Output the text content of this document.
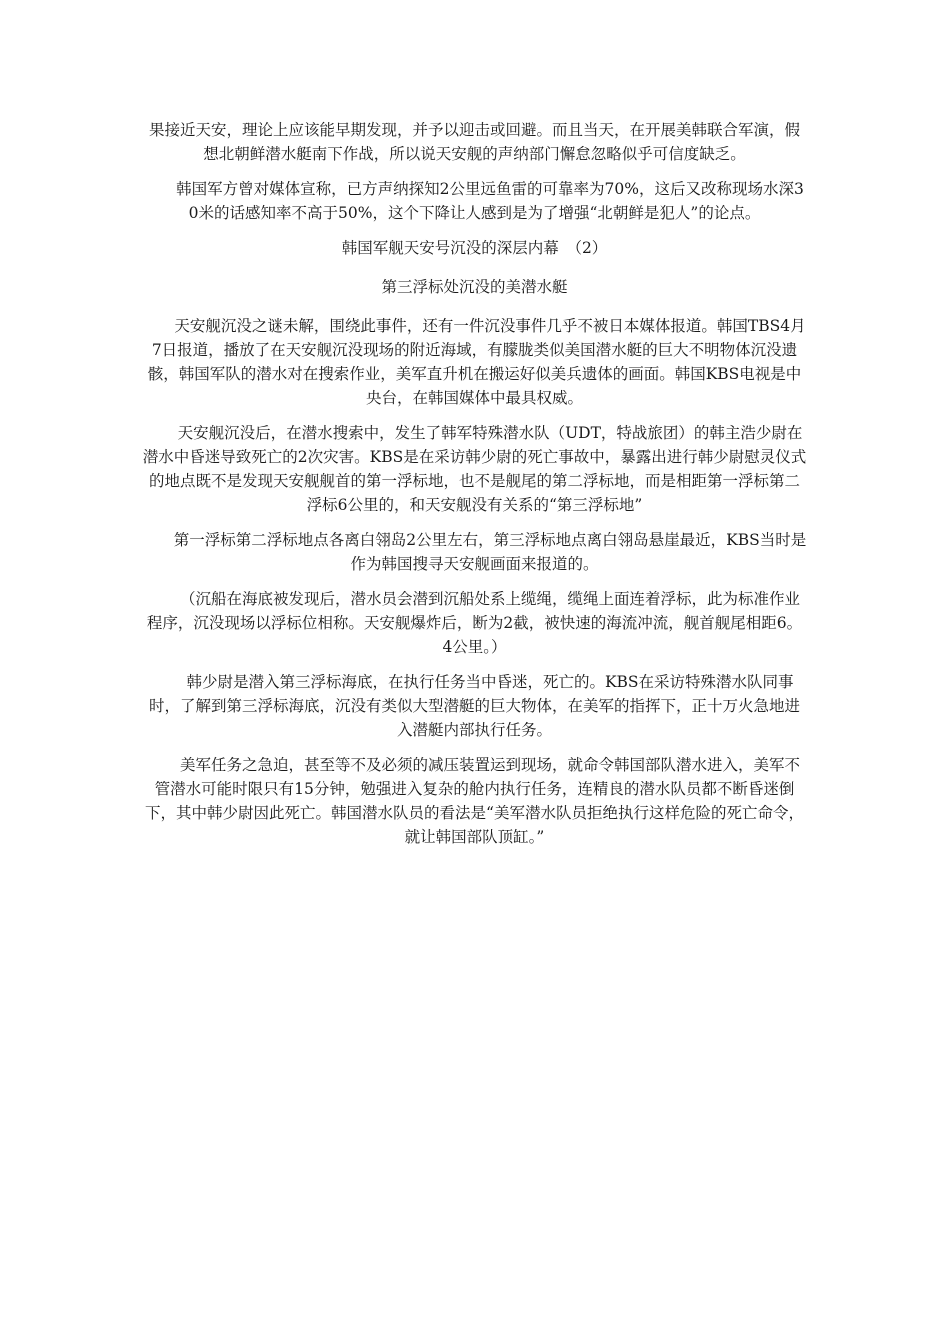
果接近天安，理论上应该能早期发现，并予以迎击或回避。而且当天，在开展美韩联合军演，假想北朝鲜潜水艇南下作战，所以说天安舰的声纳部门懈怠忽略似乎可信度缺乏。

韩国军方曾对媒体宣称，已方声纳探知2公里远鱼雷的可靠率为70%，这后又改称现场水深30米的话感知率不高于50%，这个下降让人感到是为了增强“北朝鲜是犯人”的论点。

韩国军舰天安号沉没的深层内幕　（2）

第三浮标处沉没的美潜水艇

天安舰沉没之谜未解，围绕此事件，还有一件沉没事件几乎不被日本媒体报道。韩国TBS4月7日报道，播放了在天安舰沉没现场的附近海域，有朦胧类似美国潜水艇的巨大不明物体沉没遗骸，韩国军队的潜水对在搜索作业，美军直升机在搬运好似美兵遗体的画面。韩国KBS电视是中央台，在韩国媒体中最具权威。

天安舰沉没后，在潜水搜索中，发生了韩军特殊潜水队（UDT，特战旅团）的韩主浩少尉在潜水中昏迷导致死亡的2次灾害。KBS是在采访韩少尉的死亡事故中，暴露出进行韩少尉慰灵仪式的地点既不是发现天安舰舰首的第一浮标地，也不是舰尾的第二浮标地，而是相距第一浮标第二浮标6公里的，和天安舰没有关系的“第三浮标地”

第一浮标第二浮标地点各离白翎岛2公里左右，第三浮标地点离白翎岛悬崖最近，KBS当时是作为韩国搜寻天安舰画面来报道的。

（沉船在海底被发现后，潜水员会潜到沉船处系上缆绳，缆绳上面连着浮标，此为标准作业程序，沉没现场以浮标位相称。天安舰爆炸后，断为2截，被快速的海流冲流，舰首舰尾相距6。4公里。）

韩少尉是潜入第三浮标海底，在执行任务当中昏迷，死亡的。KBS在采访特殊潜水队同事时，了解到第三浮标海底，沉没有类似大型潜艇的巨大物体，在美军的指挥下，正十万火急地进入潜艇内部执行任务。

美军任务之急迫，甚至等不及必须的减压装置运到现场，就命令韩国部队潜水进入，美军不管潜水可能时限只有15分钟，勉强进入复杂的舱内执行任务，连精良的潜水队员都不断昏迷倒下，其中韩少尉因此死亡。韩国潜水队员的看法是“美军潜水队员拒绝执行这样危险的死亡命令，就让韩国部队顶缸。”
